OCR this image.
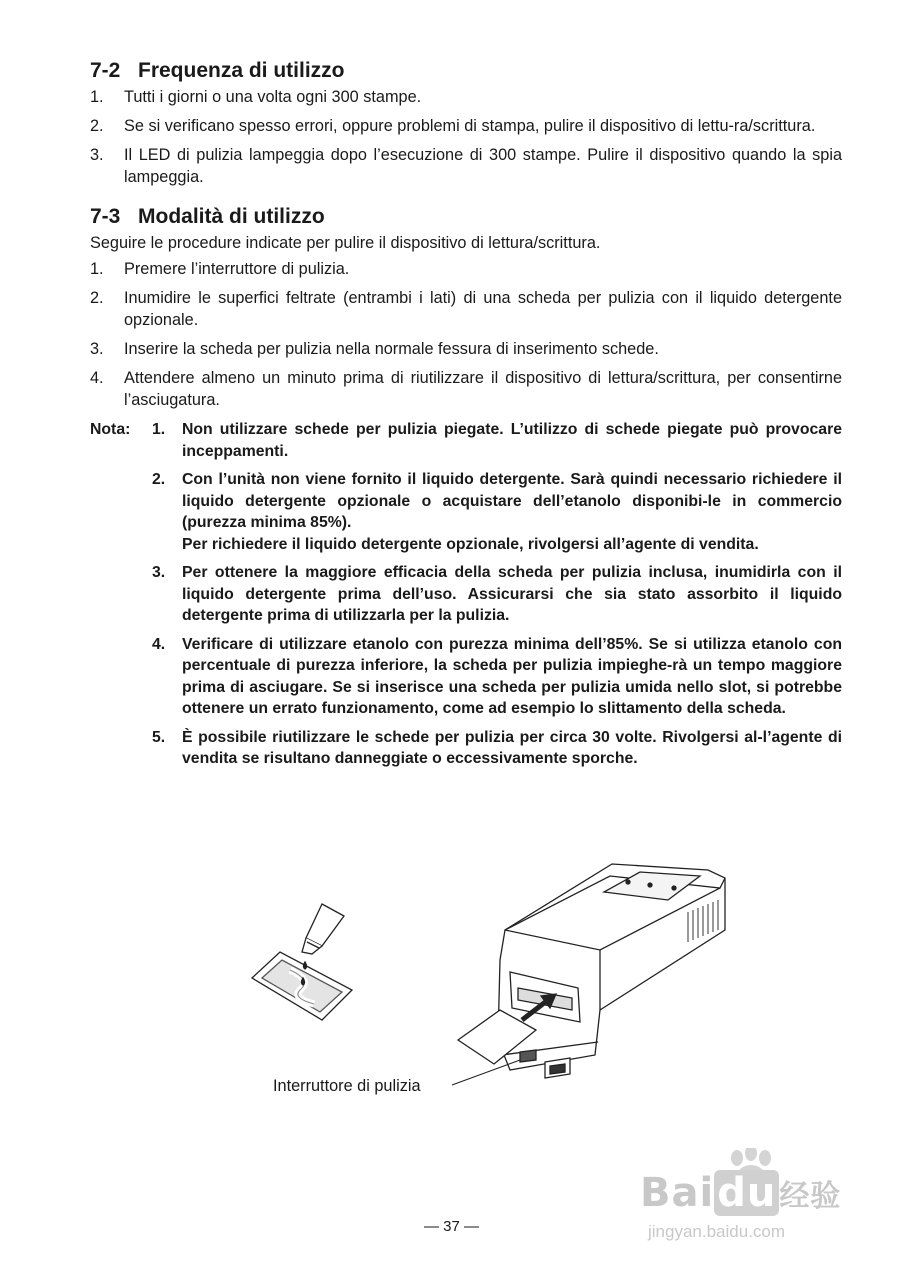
7-2 Frequenza di utilizzo
1. Tutti i giorni o una volta ogni 300 stampe.
2. Se si verificano spesso errori, oppure problemi di stampa, pulire il dispositivo di lettu-ra/scrittura.
3. Il LED di pulizia lampeggia dopo l’esecuzione di 300 stampe. Pulire il dispositivo quando la spia lampeggia.
7-3 Modalità di utilizzo

Seguire le procedure indicate per pulire il dispositivo di lettura/scrittura.

1. Premere l’interruttore di pulizia.
2. Inumidire le superfici feltrate (entrambi i lati) di una scheda per pulizia con il liquido detergente opzionale.
3. Inserire la scheda per pulizia nella normale fessura di inserimento schede.
4. Attendere almeno un minuto prima di riutilizzare il dispositivo di lettura/scrittura, per consentirne l’asciugatura.
Nota: 1. Non utilizzare schede per pulizia piegate. L’utilizzo di schede piegate può provocare inceppamenti.
2. Con l’unità non viene fornito il liquido detergente. Sarà quindi necessario richiedere il liquido detergente opzionale o acquistare dell’etanolo disponibi-le in commercio (purezza minima 85%).
Per richiedere il liquido detergente opzionale, rivolgersi all’agente di vendita.
3. Per ottenere la maggiore efficacia della scheda per pulizia inclusa, inumidirla con il liquido detergente prima dell’uso. Assicurarsi che sia stato assorbito il liquido detergente prima di utilizzarla per la pulizia.
4. Verificare di utilizzare etanolo con purezza minima dell’85%. Se si utilizza etanolo con percentuale di purezza inferiore, la scheda per pulizia impieghe-rà un tempo maggiore prima di asciugare. Se si inserisce una scheda per pulizia umida nello slot, si potrebbe ottenere un errato funzionamento, come ad esempio lo slittamento della scheda.
5. È possibile riutilizzare le schede per pulizia per circa 30 volte. Rivolgersi al-l’agente di vendita se risultano danneggiate o eccessivamente sporche.
Interruttore di pulizia
Baidu 经验
jingyan.baidu.com
— 37 —
